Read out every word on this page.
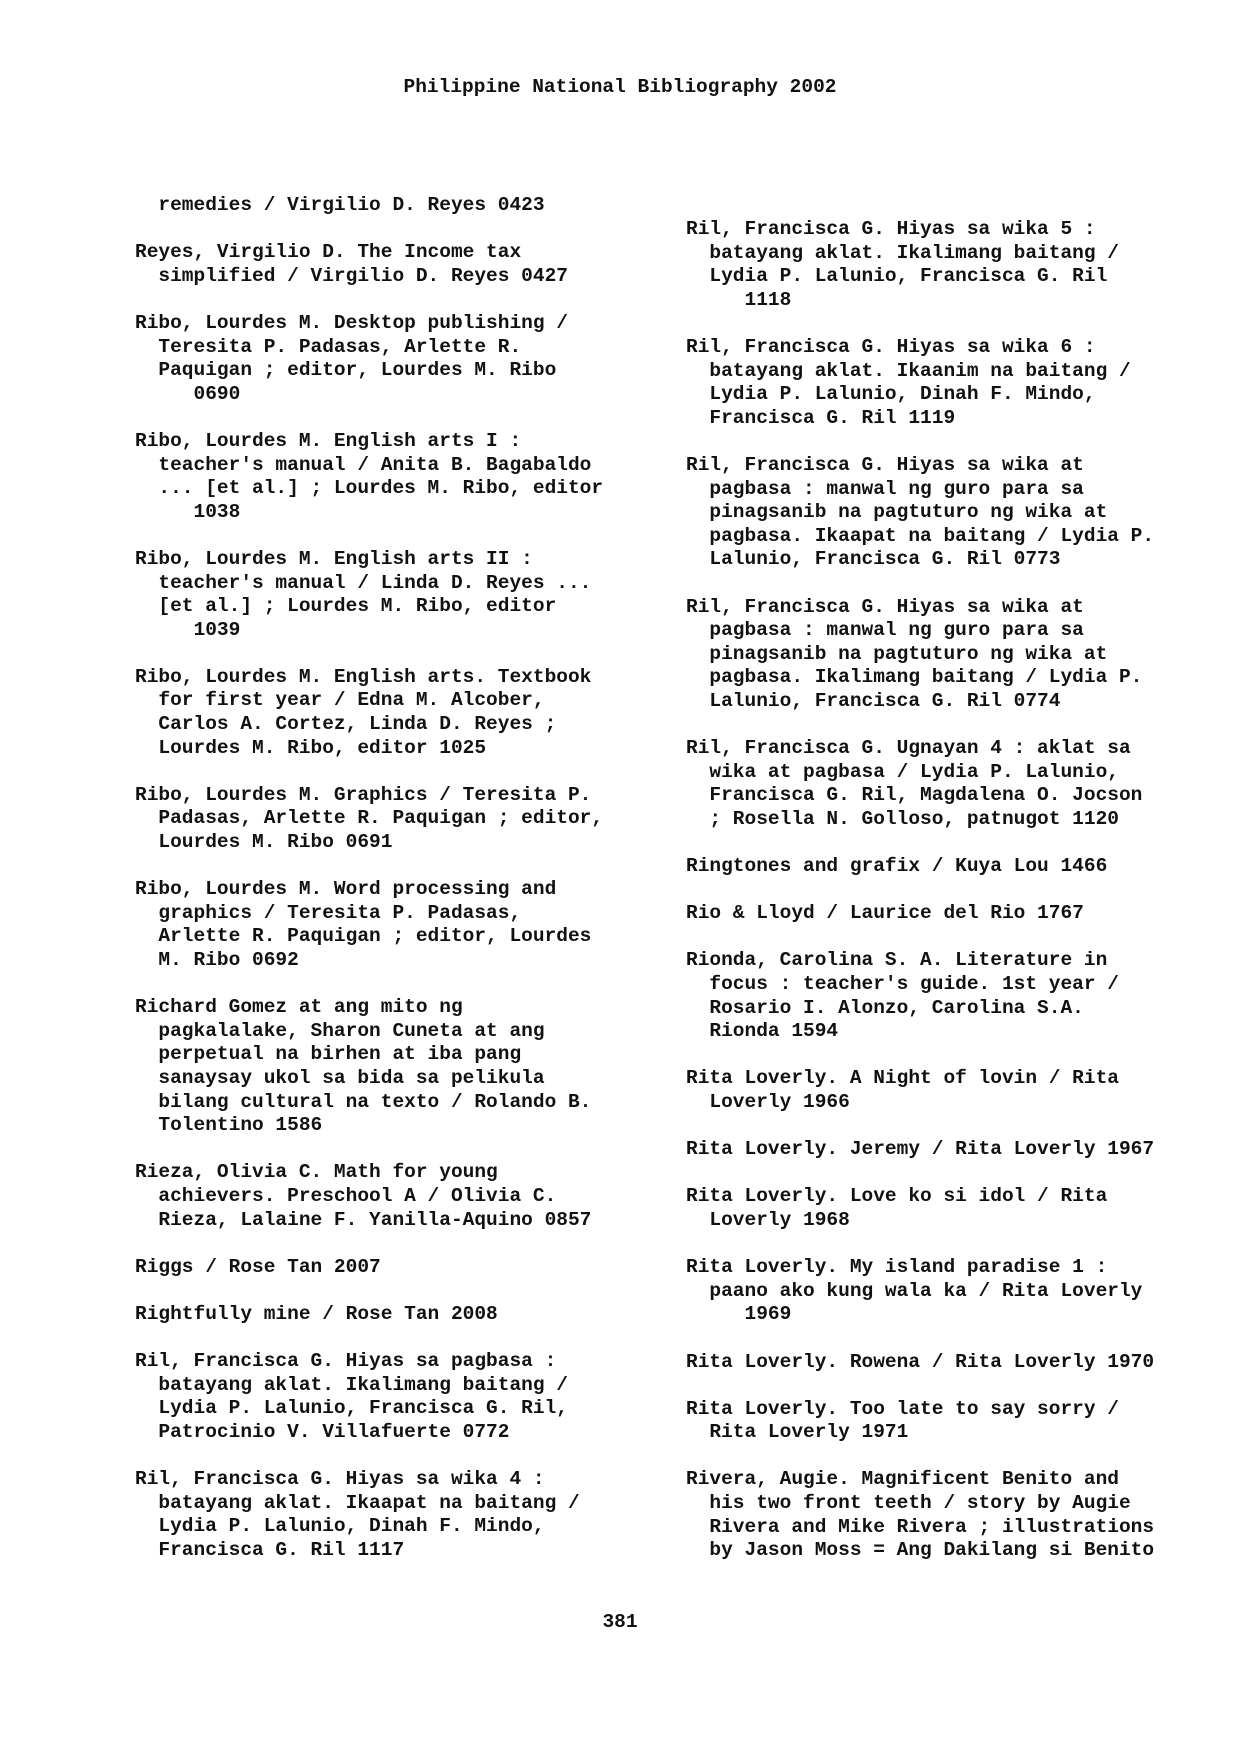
Philippine National Bibliography 2002
remedies / Virgilio D. Reyes 0423
Reyes, Virgilio D. The Income tax
simplified / Virgilio D. Reyes 0427
Ribo, Lourdes M. Desktop publishing /
Teresita P. Padasas, Arlette R.
Paquigan ; editor, Lourdes M. Ribo
0690
Ribo, Lourdes M. English arts I :
teacher's manual / Anita B. Bagabaldo
... [et al.] ; Lourdes M. Ribo, editor
1038
Ribo, Lourdes M. English arts II :
teacher's manual / Linda D. Reyes ...
[et al.] ; Lourdes M. Ribo, editor
1039
Ribo, Lourdes M. English arts. Textbook
for first year / Edna M. Alcober,
Carlos A. Cortez, Linda D. Reyes ;
Lourdes M. Ribo, editor 1025
Ribo, Lourdes M. Graphics / Teresita P.
Padasas, Arlette R. Paquigan ; editor,
Lourdes M. Ribo 0691
Ribo, Lourdes M. Word processing and
graphics / Teresita P. Padasas,
Arlette R. Paquigan ; editor, Lourdes
M. Ribo 0692
Richard Gomez at ang mito ng
pagkalalake, Sharon Cuneta at ang
perpetual na birhen at iba pang
sanaysay ukol sa bida sa pelikula
bilang cultural na texto / Rolando B.
Tolentino 1586
Rieza, Olivia C. Math for young
achievers. Preschool A / Olivia C.
Rieza, Lalaine F. Yanilla-Aquino 0857
Riggs / Rose Tan 2007
Rightfully mine / Rose Tan 2008
Ril, Francisca G. Hiyas sa pagbasa :
batayang aklat. Ikalimang baitang /
Lydia P. Lalunio, Francisca G. Ril,
Patrocinio V. Villafuerte 0772
Ril, Francisca G. Hiyas sa wika 4 :
batayang aklat. Ikaapat na baitang /
Lydia P. Lalunio, Dinah F. Mindo,
Francisca G. Ril 1117
Ril, Francisca G. Hiyas sa wika 5 :
batayang aklat. Ikalimang baitang /
Lydia P. Lalunio, Francisca G. Ril
1118
Ril, Francisca G. Hiyas sa wika 6 :
batayang aklat. Ikaanim na baitang /
Lydia P. Lalunio, Dinah F. Mindo,
Francisca G. Ril 1119
Ril, Francisca G. Hiyas sa wika at
pagbasa : manwal ng guro para sa
pinagsanib na pagtuturo ng wika at
pagbasa. Ikaapat na baitang / Lydia P.
Lalunio, Francisca G. Ril 0773
Ril, Francisca G. Hiyas sa wika at
pagbasa : manwal ng guro para sa
pinagsanib na pagtuturo ng wika at
pagbasa. Ikalimang baitang / Lydia P.
Lalunio, Francisca G. Ril 0774
Ril, Francisca G. Ugnayan 4 : aklat sa
wika at pagbasa / Lydia P. Lalunio,
Francisca G. Ril, Magdalena O. Jocson
; Rosella N. Golloso, patnugot 1120
Ringtones and grafix / Kuya Lou 1466
Rio & Lloyd / Laurice del Rio 1767
Rionda, Carolina S. A. Literature in
focus : teacher's guide. 1st year /
Rosario I. Alonzo, Carolina S.A.
Rionda 1594
Rita Loverly. A Night of lovin / Rita
Loverly 1966
Rita Loverly. Jeremy / Rita Loverly 1967
Rita Loverly. Love ko si idol / Rita
Loverly 1968
Rita Loverly. My island paradise 1 :
paano ako kung wala ka / Rita Loverly
1969
Rita Loverly. Rowena / Rita Loverly 1970
Rita Loverly. Too late to say sorry /
Rita Loverly 1971
Rivera, Augie. Magnificent Benito and
his two front teeth / story by Augie
Rivera and Mike Rivera ; illustrations
by Jason Moss = Ang Dakilang si Benito
381
